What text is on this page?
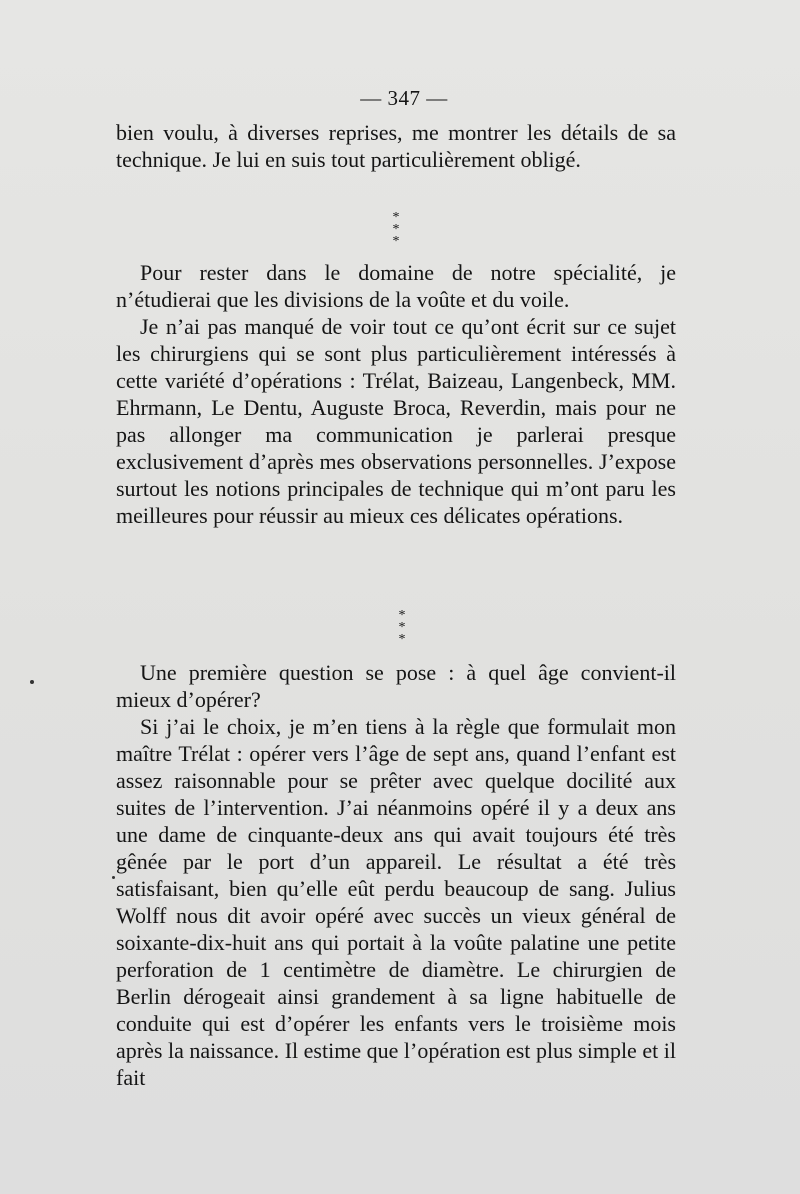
— 347 —

bien voulu, à diverses reprises, me montrer les détails de sa technique. Je lui en suis tout particulièrement obligé.

*
* *

Pour rester dans le domaine de notre spécialité, je n’étudierai que les divisions de la voûte et du voile.

Je n’ai pas manqué de voir tout ce qu’ont écrit sur ce sujet les chirurgiens qui se sont plus particulièrement intéressés à cette variété d’opérations : Trélat, Baizeau, Langenbeck, MM. Ehrmann, Le Dentu, Auguste Broca, Reverdin, mais pour ne pas allonger ma communication je parlerai presque exclusivement d’après mes observations personnelles. J’expose surtout les notions principales de technique qui m’ont paru les meilleures pour réussir au mieux ces délicates opérations.

*
* *

Une première question se pose : à quel âge convient-il mieux d’opérer?

Si j’ai le choix, je m’en tiens à la règle que formulait mon maître Trélat : opérer vers l’âge de sept ans, quand l’enfant est assez raisonnable pour se prêter avec quelque docilité aux suites de l’intervention. J’ai néanmoins opéré il y a deux ans une dame de cinquante-deux ans qui avait toujours été très gênée par le port d’un appareil. Le résultat a été très satisfaisant, bien qu’elle eût perdu beaucoup de sang. Julius Wolff nous dit avoir opéré avec succès un vieux général de soixante-dix-huit ans qui portait à la voûte palatine une petite perforation de 1 centimètre de diamètre. Le chirurgien de Berlin dérogeait ainsi grandement à sa ligne habituelle de conduite qui est d’opérer les enfants vers le troisième mois après la naissance. Il estime que l’opération est plus simple et il fait
